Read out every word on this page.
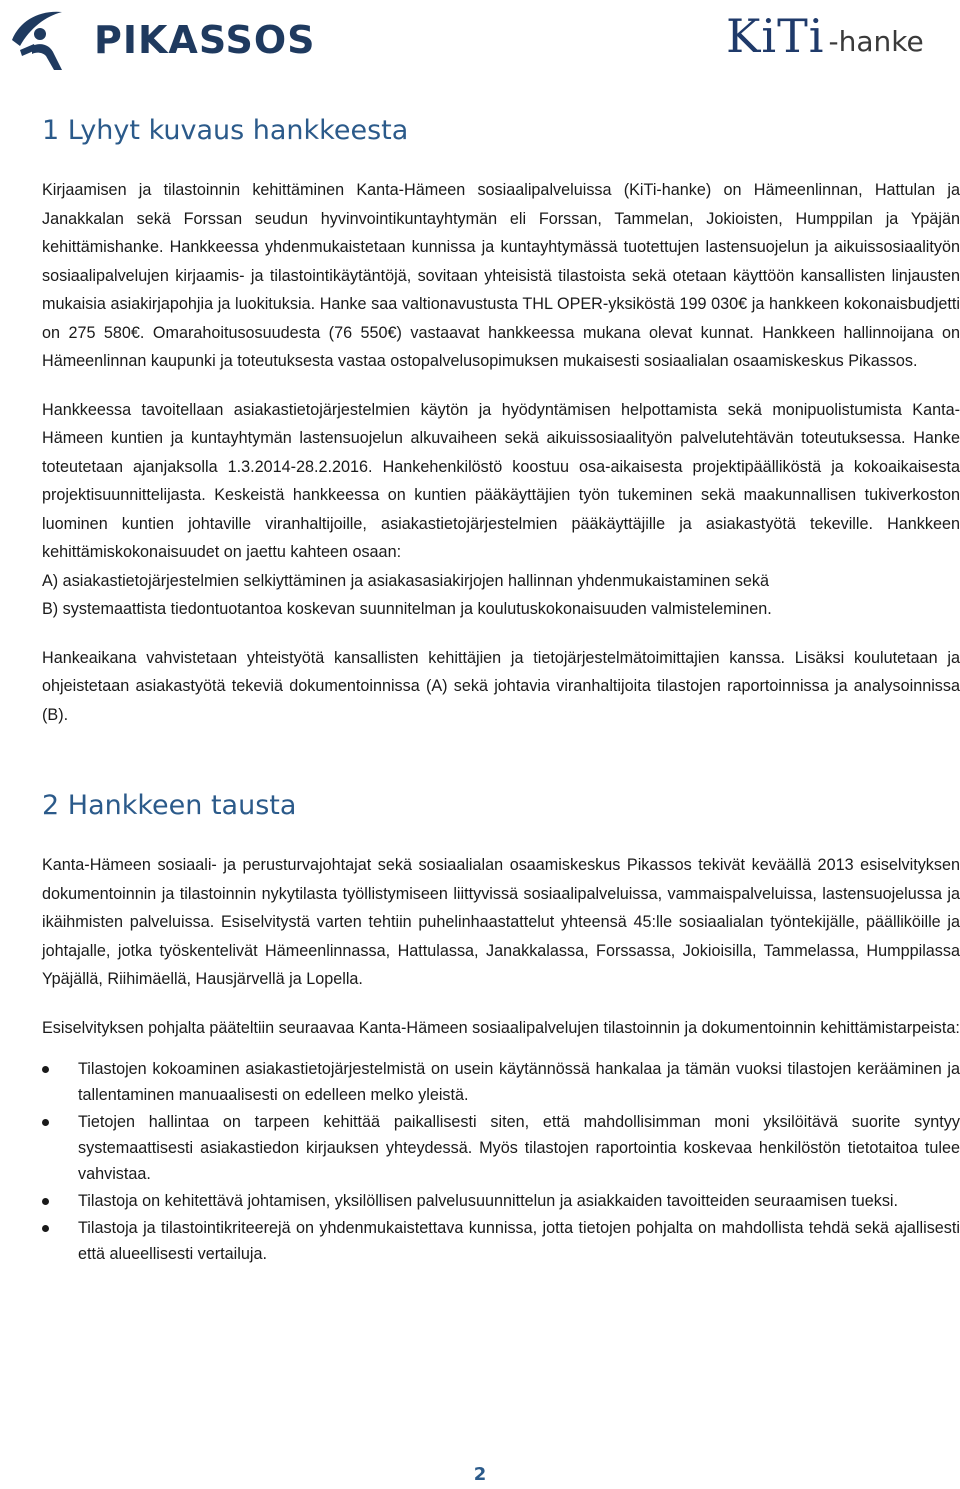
PIKASSOS	KiTi -hanke
1 Lyhyt kuvaus hankkeesta

Kirjaamisen ja tilastoinnin kehittäminen Kanta-Hämeen sosiaalipalveluissa (KiTi-hanke) on Hämeenlinnan, Hattulan ja Janakkalan sekä Forssan seudun hyvinvointikuntayhtymän eli Forssan, Tammelan, Jokioisten, Humppilan ja Ypäjän kehittämishanke. Hankkeessa yhdenmukaistetaan kunnissa ja kuntayhtymässä tuotettujen lastensuojelun ja aikuissosiaalityön sosiaalipalvelujen kirjaamis- ja tilastointikäytäntöjä, sovitaan yhteisistä tilastoista sekä otetaan käyttöön kansallisten linjausten mukaisia asiakirjapohjia ja luokituksia. Hanke saa valtionavustusta THL OPER-yksiköstä 199 030€ ja hankkeen kokonaisbudjetti on 275 580€. Omarahoitusosuudesta (76 550€) vastaavat hankkeessa mukana olevat kunnat. Hankkeen hallinnoijana on Hämeenlinnan kaupunki ja toteutuksesta vastaa ostopalvelusopimuksen mukaisesti sosiaalialan osaamiskeskus Pikassos.

Hankkeessa tavoitellaan asiakastietojärjestelmien käytön ja hyödyntämisen helpottamista sekä monipuolistumista Kanta-Hämeen kuntien ja kuntayhtymän lastensuojelun alkuvaiheen sekä aikuissosiaalityön palvelutehtävän toteutuksessa. Hanke toteutetaan ajanjaksolla 1.3.2014-28.2.2016. Hankehenkilöstö koostuu osa-aikaisesta projektipäälliköstä ja kokoaikaisesta projektisuunnittelijasta. Keskeistä hankkeessa on kuntien pääkäyttäjien työn tukeminen sekä maakunnallisen tukiverkoston luominen kuntien johtaville viranhaltijoille, asiakastietojärjestelmien pääkäyttäjille ja asiakastyötä tekeville. Hankkeen kehittämiskokonaisuudet on jaettu kahteen osaan:

A) asiakastietojärjestelmien selkiyttäminen ja asiakasasiakirjojen hallinnan yhdenmukaistaminen sekä

B) systemaattista tiedontuotantoa koskevan suunnitelman ja koulutuskokonaisuuden valmisteleminen.

Hankeaikana vahvistetaan yhteistyötä kansallisten kehittäjien ja tietojärjestelmätoimittajien kanssa. Lisäksi koulutetaan ja ohjeistetaan asiakastyötä tekeviä dokumentoinnissa (A) sekä johtavia viranhaltijoita tilastojen raportoinnissa ja analysoinnissa (B).

2 Hankkeen tausta

Kanta-Hämeen sosiaali- ja perusturvajohtajat sekä sosiaalialan osaamiskeskus Pikassos tekivät keväällä 2013 esiselvityksen dokumentoinnin ja tilastoinnin nykytilasta työllistymiseen liittyvissä sosiaalipalveluissa, vammaispalveluissa, lastensuojelussa ja ikäihmisten palveluissa. Esiselvitystä varten tehtiin puhelinhaastattelut yhteensä 45:lle sosiaalialan työntekijälle, päälliköille ja johtajalle, jotka työskentelivät Hämeenlinnassa, Hattulassa, Janakkalassa, Forssassa, Jokioisilla, Tammelassa, Humppilassa Ypäjällä, Riihimäellä, Hausjärvellä ja Lopella.

Esiselvityksen pohjalta pääteltiin seuraavaa Kanta-Hämeen sosiaalipalvelujen tilastoinnin ja dokumentoinnin kehittämistarpeista:

Tilastojen kokoaminen asiakastietojärjestelmistä on usein käytännössä hankalaa ja tämän vuoksi tilastojen kerääminen ja tallentaminen manuaalisesti on edelleen melko yleistä.
Tietojen hallintaa on tarpeen kehittää paikallisesti siten, että mahdollisimman moni yksilöitävä suorite syntyy systemaattisesti asiakastiedon kirjauksen yhteydessä. Myös tilastojen raportointia koskevaa henkilöstön tietotaitoa tulee vahvistaa.
Tilastoja on kehitettävä johtamisen, yksilöllisen palvelusuunnittelun ja asiakkaiden tavoitteiden seuraamisen tueksi.
Tilastoja ja tilastointikriteerejä on yhdenmukaistettava kunnissa, jotta tietojen pohjalta on mahdollista tehdä sekä ajallisesti että alueellisesti vertailuja.
2
